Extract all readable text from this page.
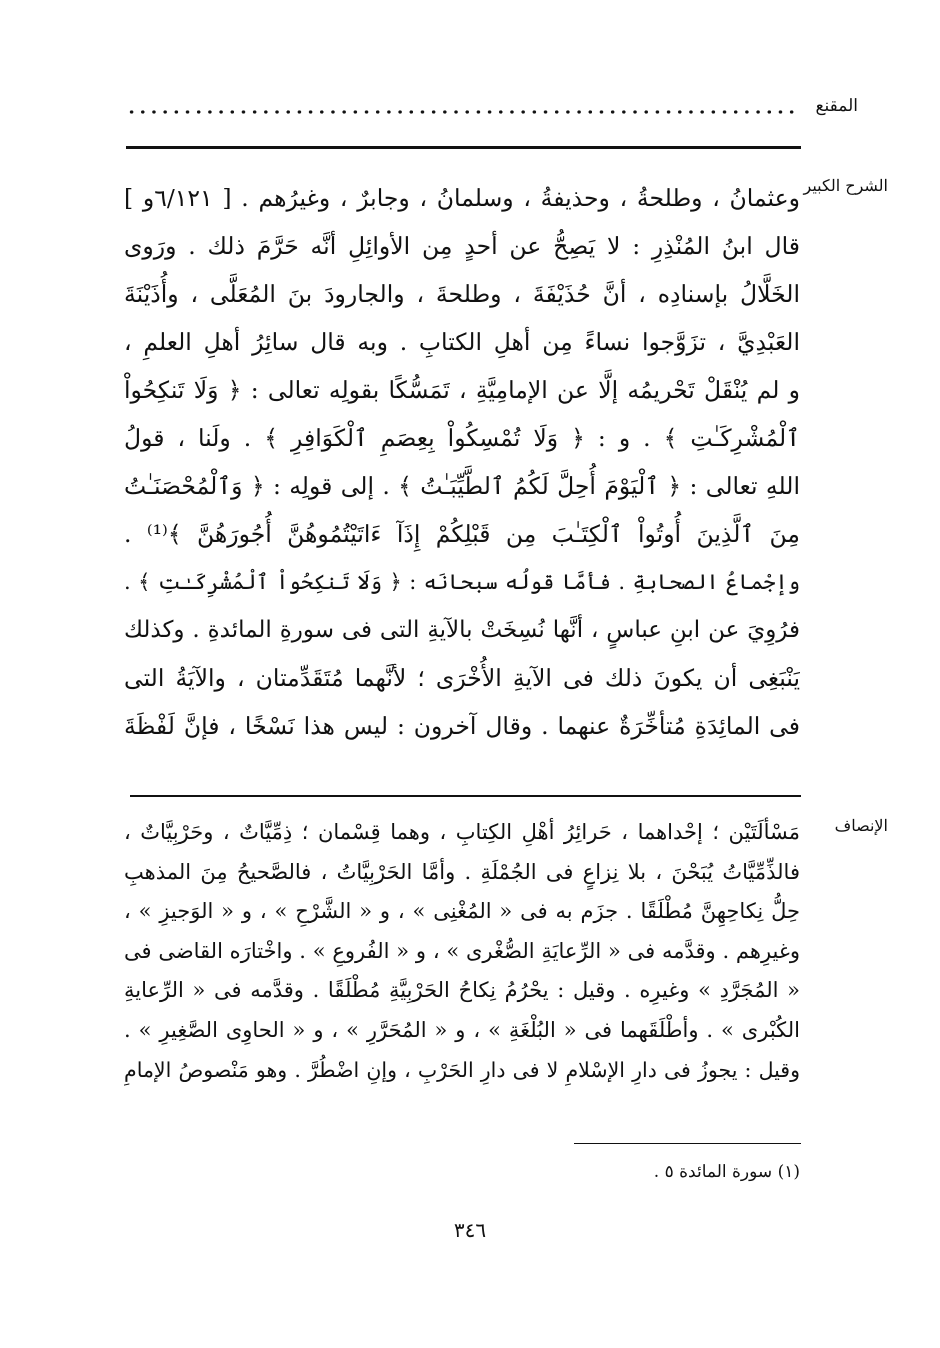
المقنع
الشرح الكبير
الإنصاف
وعثمانُ ، وطلحةُ ، وحذيفةُ ، وسلمانُ ، وجابرٌ ، وغيرُهم . [ ٦/١٢١و ]
قال ابنُ المُنْذِرِ : لا يَصِحُّ عن أحدٍ مِن الأوائِلِ أنَّه حَرَّمَ ذلك . ورَوى
الخَلَّالُ بإسنادِه ، أنَّ حُذَيْفَةَ ، وطلحةَ ، والجارودَ بنَ المُعَلَّى ، وأُذَيْنَةَ
العَبْدِيَّ ، تزَوَّجوا نساءً مِن أهلِ الكتابِ . وبه قال سائِرُ أهلِ العلمِ ،
و لم يُنْقَلْ تَحْريمُه إلَّا عن الإمامِيَّةِ ، تَمَسُّكًا بقولِه تعالى : ﴿ وَلَا تَنكِحُواْ
ٱلْمُشْرِكَـٰتِ ﴾ . و : ﴿ وَلَا تُمْسِكُواْ بِعِصَمِ ٱلْكَوَافِرِ ﴾ . ولَنا ، قولُ
اللهِ تعالى : ﴿ ٱلْيَوْمَ أُحِلَّ لَكُمُ ٱلطَّيِّبَـٰتُ ﴾ . إلى قولِه : ﴿ وَٱلْمُحْصَنَـٰتُ
مِنَ ٱلَّذِينَ أُوتُواْ ٱلْكِتَـٰبَ مِن قَبْلِكُمْ إِذَآ ءَاتَيْتُمُوهُنَّ أُجُورَهُنَّ ﴾⁽¹⁾ .
وإجْماعُ الصحابةِ . فأمَّا قولُه سبحانَه : ﴿ وَلَا تَنكِحُواْ ٱلْمُشْرِكَـٰتِ ﴾ .
فرُوِيَ عن ابنِ عباسٍ ، أنَّها نُسِخَتْ بالآيةِ التى فى سورةِ المائدةِ . وكذلك
يَنْبَغِى أن يكونَ ذلك فى الآيةِ الأُخْرَى ؛ لأنَّهما مُتَقَدِّمتان ، والآيَةُ التى
فى المائِدَةِ مُتأخِّرَةٌ عنهما . وقال آخرون : ليس هذا نَسْخًا ، فإنَّ لَفْظَةَ
مَسْألَتَيْن ؛ إحْداهما ، حَرائِرُ أهْلِ الكِتابِ ، وهما قِسْمان ؛ ذِمِّيَّاتٌ ، وحَرْبِيَّاتٌ ،
فالذِّمِّيَّاتُ يُبَحْنَ ، بلا نِزاعٍ فى الجُمْلَةِ . وأمَّا الحَرْبِيَّاتُ ، فالصَّحيحُ مِنَ المذهبِ
حِلُّ نِكاحِهِنَّ مُطْلَقًا . جزَم به فى « المُغْنِى » ، و « الشَّرْحِ » ، و « الوَجيزِ » ،
وغيرِهم . وقدَّمه فى « الرِّعايَةِ الصُّغْرى » ، و « الفُروعِ » . واخْتارَه القاضى فى
« المُجَرَّدِ » وغيرِه . وقيل : يحْرُمُ نِكاحُ الحَرْبِيَّةِ مُطْلَقًا . وقدَّمه فى « الرِّعايةِ
الكُبْرى » . وأطْلَقَهما فى « البُلْغَةِ » ، و « المُحَرَّرِ » ، و « الحاوِى الصَّغِيرِ » .
وقيل : يجوزُ فى دارِ الإسْلامِ لا فى دارِ الحَرْبِ ، وإنِ اضْطُرَّ . وهو مَنْصوصُ الإمامِ
(١) سورة المائدة ٥ .
٣٤٦
